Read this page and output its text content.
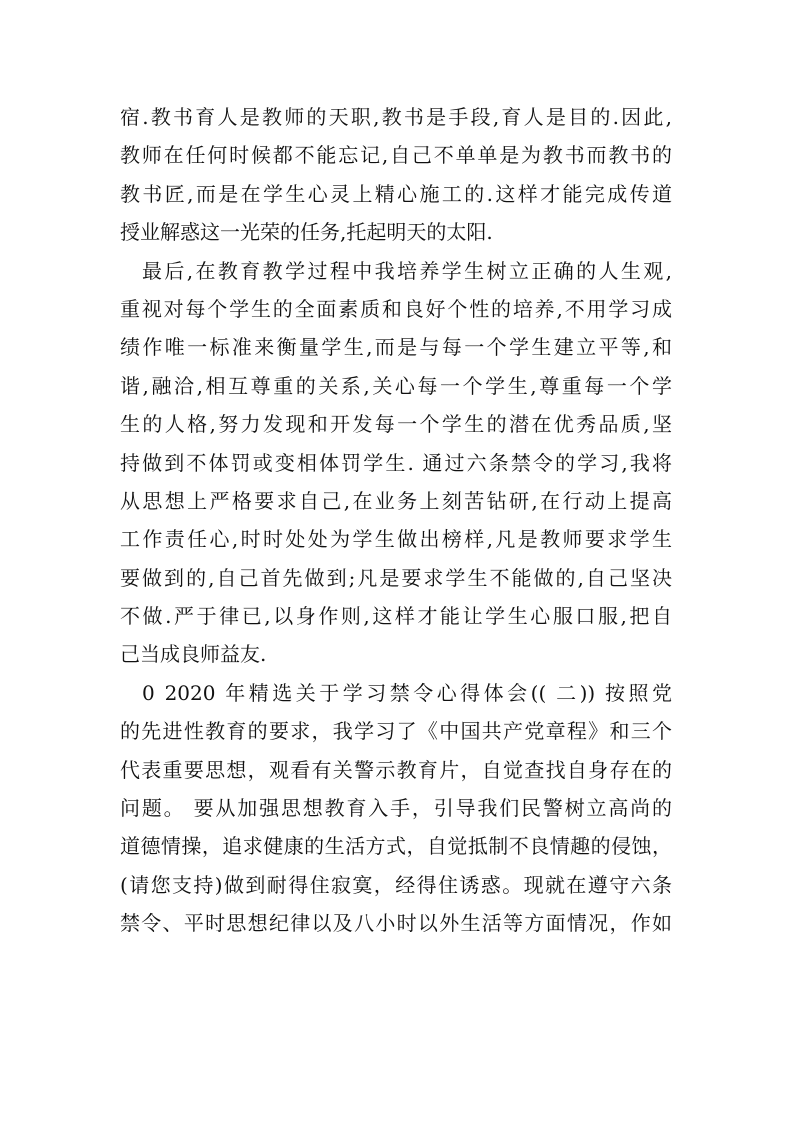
宿.教书育人是教师的天职,教书是手段,育人是目的.因此,
教师在任何时候都不能忘记,自己不单单是为教书而教书的
教书匠,而是在学生心灵上精心施工的.这样才能完成传道
授业解惑这一光荣的任务,托起明天的太阳.
最后,在教育教学过程中我培养学生树立正确的人生观,
重视对每个学生的全面素质和良好个性的培养,不用学习成
绩作唯一标准来衡量学生,而是与每一个学生建立平等,和
谐,融洽,相互尊重的关系,关心每一个学生,尊重每一个学
生的人格,努力发现和开发每一个学生的潜在优秀品质,坚
持做到不体罚或变相体罚学生. 通过六条禁令的学习,我将
从思想上严格要求自己,在业务上刻苦钻研,在行动上提高
工作责任心,时时处处为学生做出榜样,凡是教师要求学生
要做到的,自己首先做到;凡是要求学生不能做的,自己坚决
不做.严于律已,以身作则,这样才能让学生心服口服,把自
己当成良师益友.
0 2020 年精选关于学习禁令心得体会(( 二)) 按照党
的先进性教育的要求，我学习了《中国共产党章程》和三个
代表重要思想，观看有关警示教育片，自觉查找自身存在的
问题。 要从加强思想教育入手，引导我们民警树立高尚的
道德情操，追求健康的生活方式，自觉抵制不良情趣的侵蚀，
(请您支持)做到耐得住寂寞，经得住诱惑。现就在遵守六条
禁令、平时思想纪律以及八小时以外生活等方面情况，作如
